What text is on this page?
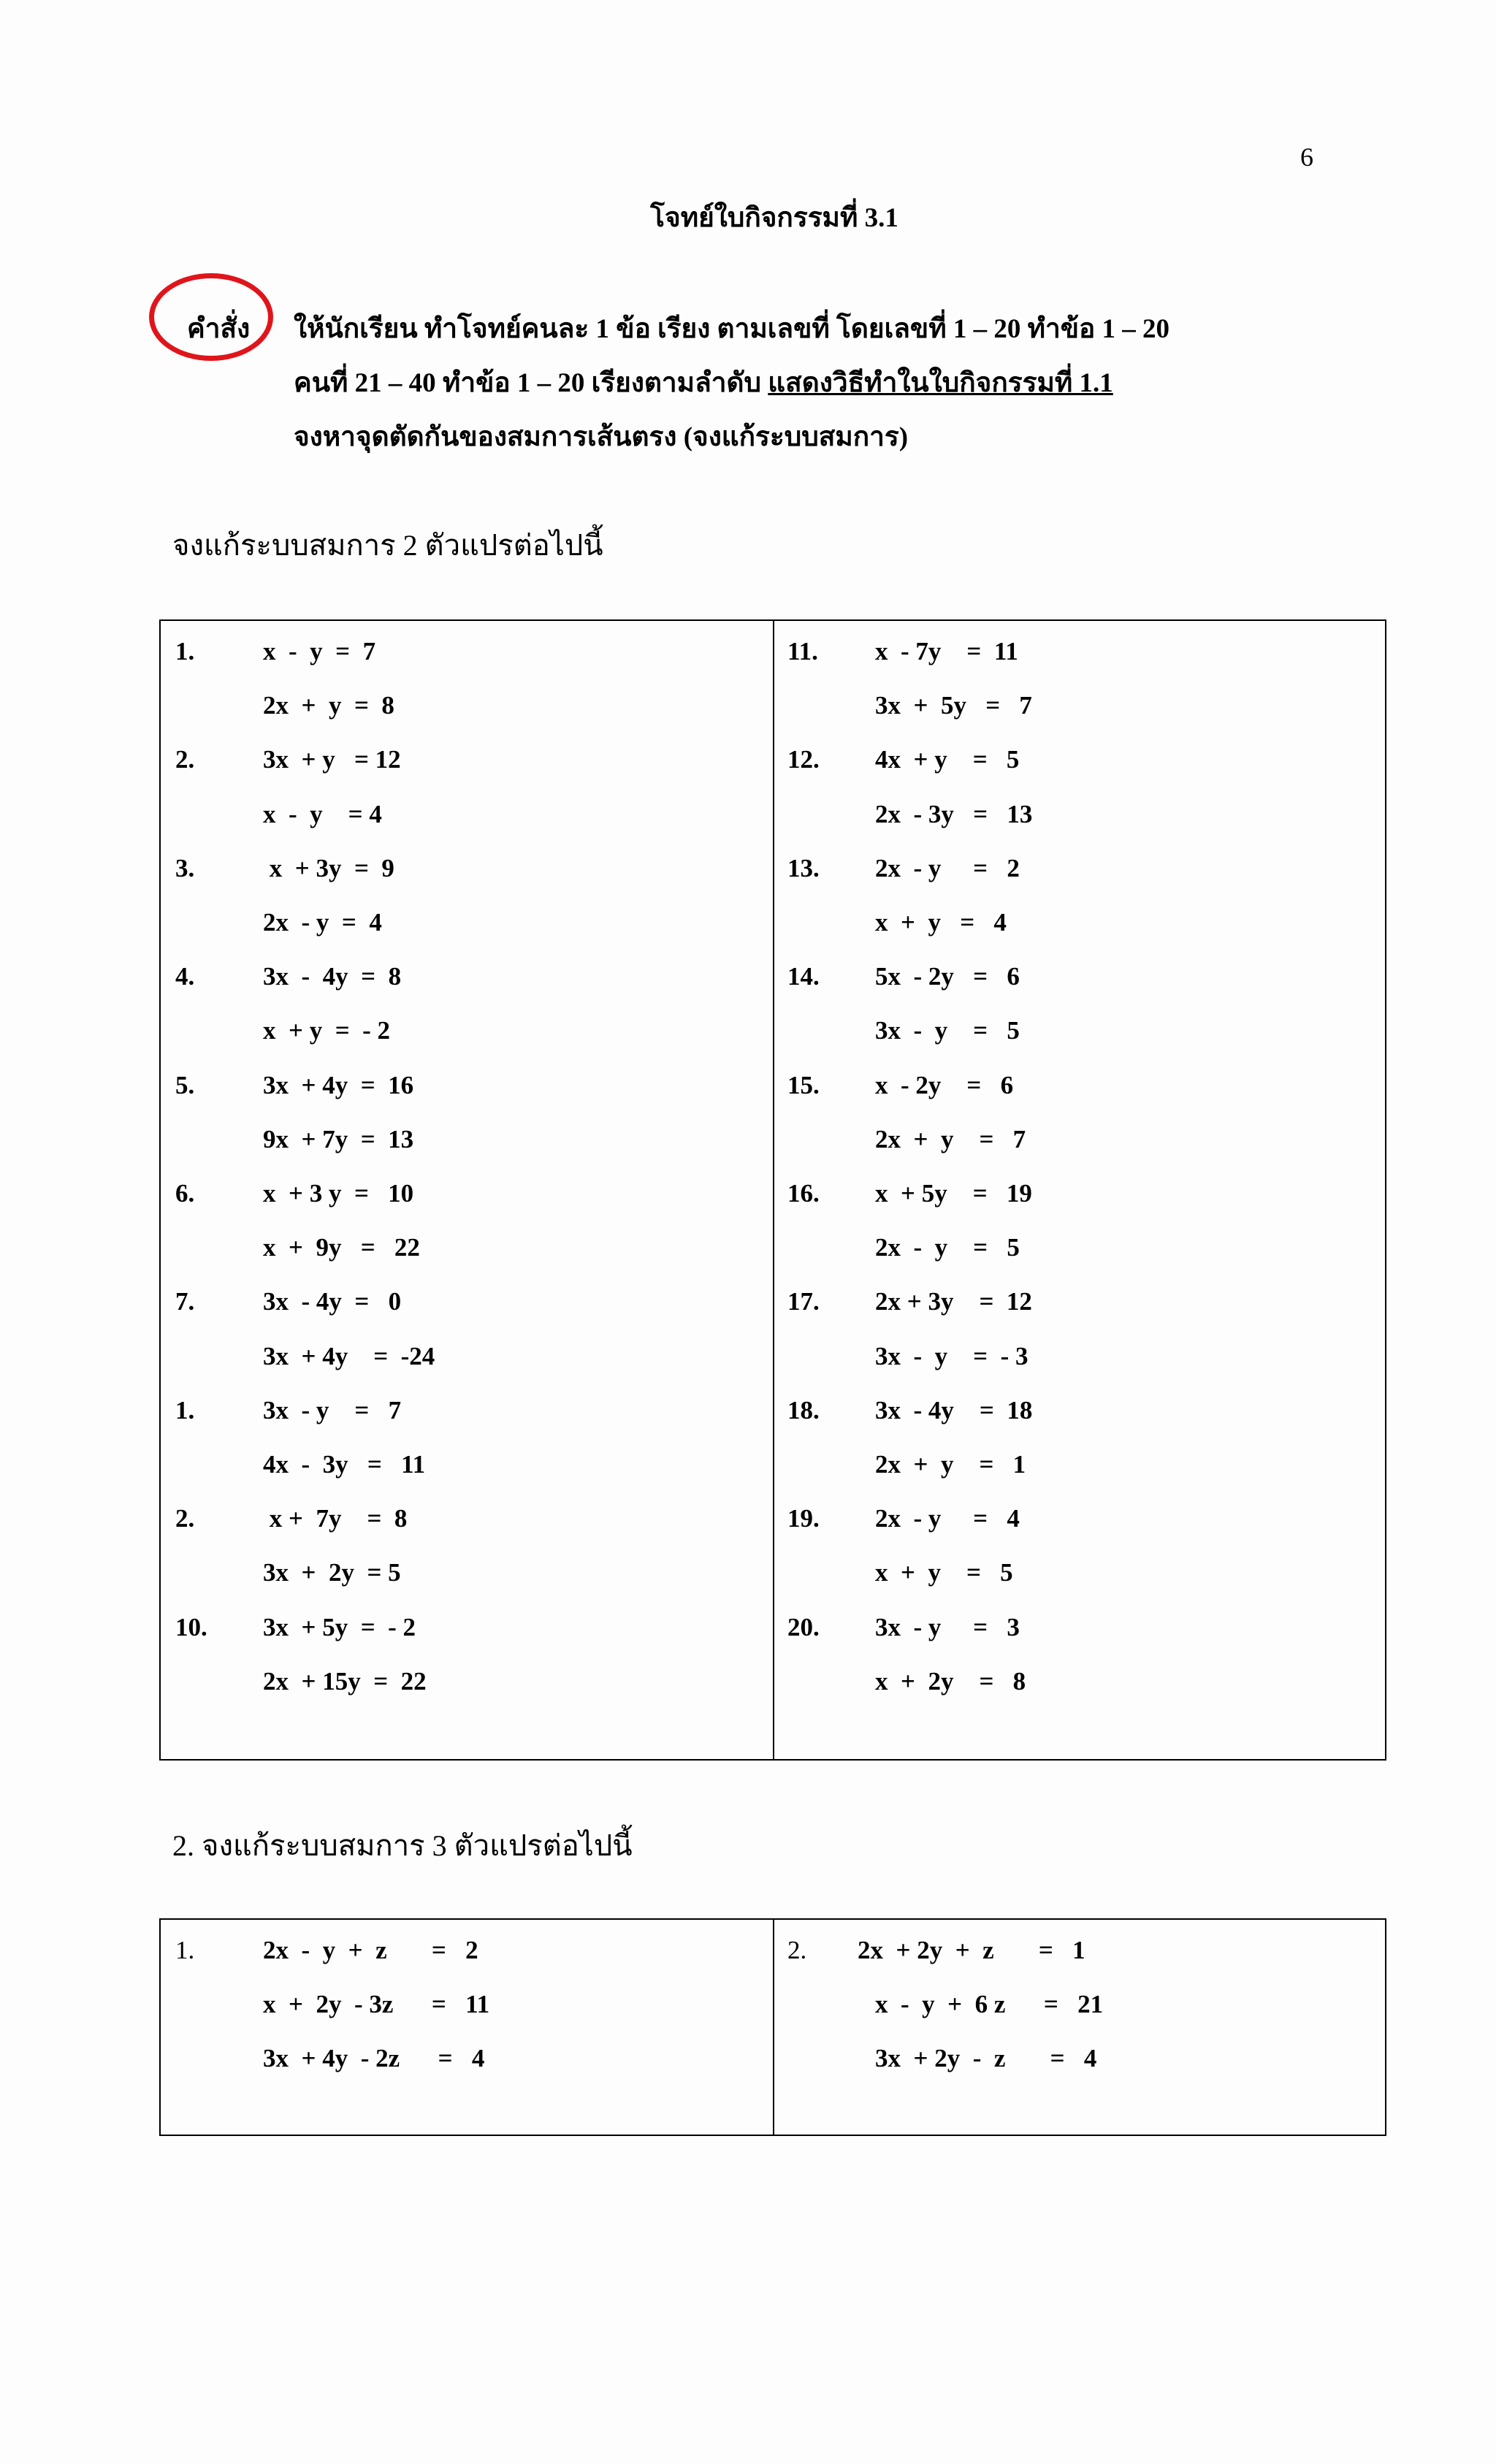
6
โจทย์ใบกิจกรรมที่ 3.1
คำสั่ง ให้นักเรียน ทำโจทย์คนละ 1 ข้อ เรียง ตามเลขที่ โดยเลขที่ 1 – 20 ทำข้อ 1 – 20
คนที่ 21 – 40 ทำข้อ 1 – 20 เรียงตามลำดับ แสดงวิธีทำในใบกิจกรรมที่ 1.1
จงหาจุดตัดกันของสมการเส้นตรง (จงแก้ระบบสมการ)
จงแก้ระบบสมการ 2 ตัวแปรต่อไปนี้
1.	x  -  y  =  7
2x  +  y  =  8
2.	3x  + y   = 12
x  -  y    = 4
3.	x  + 3y  =  9
2x  - y  =  4
4.	3x  -  4y  =  8
x  + y  =  - 2
5.	3x  + 4y  =  16
9x  + 7y  =  13
6.	x  + 3 y  =   10
x  +  9y   =   22
7.	3x  - 4y  =   0
3x  + 4y    =  -24
1.	3x  - y    =   7
4x  -  3y   =   11
2.	x +  7y    =  8
3x  +  2y  = 5
10. 3x  + 5y  =  - 2
2x  + 15y  =  22
11. x  - 7y    =  11
3x  +  5y   =   7
12. 4x  + y    =   5
2x  - 3y   =   13
13. 2x  - y     =   2
x  +  y   =   4
14. 5x  - 2y   =   6
3x  -  y    =   5
15. x  - 2y    =   6
2x  +  y    =   7
16. x  + 5y    =   19
2x  -  y    =   5
17. 2x + 3y    =  12
3x  -  y    =  - 3
18. 3x  - 4y    =  18
2x  +  y    =   1
19. 2x  - y     =   4
x  +  y    =   5
20. 3x  - y     =   3
x  +  2y    =   8
2. จงแก้ระบบสมการ 3 ตัวแปรต่อไปนี้
1.	2x  -  y  +  z       =   2
x  +  2y  - 3z      =   11
3x  + 4y  - 2z      =   4
2. 2x  + 2y  +  z       =   1
x  -  y  +  6 z      =   21
3x  + 2y  -  z       =   4
